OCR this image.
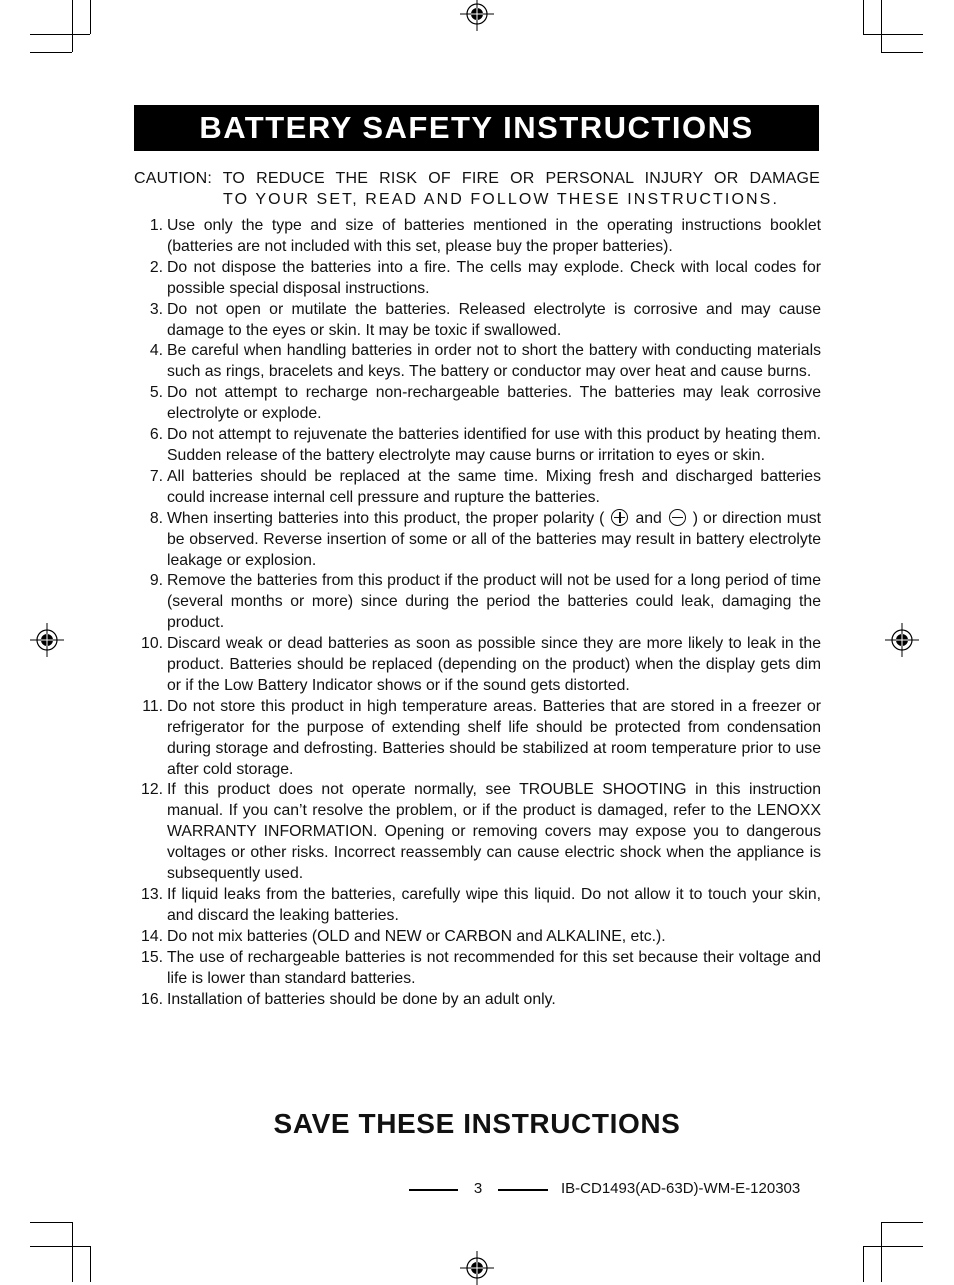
BATTERY SAFETY INSTRUCTIONS
CAUTION: TO REDUCE THE RISK OF FIRE OR PERSONAL INJURY OR DAMAGE
TO YOUR SET, READ AND FOLLOW THESE INSTRUCTIONS.
1. Use only the type and size of batteries mentioned in the operating instructions booklet (batteries are not included with this set, please buy the proper batteries).
2. Do not dispose the batteries into a fire. The cells may explode. Check with local codes for possible special disposal instructions.
3. Do not open or mutilate the batteries. Released electrolyte is corrosive and may cause damage to the eyes or skin. It may be toxic if swallowed.
4. Be careful when handling batteries in order not to short the battery with conducting materials such as rings, bracelets and keys. The battery or conductor may over heat and cause burns.
5. Do not attempt to recharge non-rechargeable batteries. The batteries may leak corrosive electrolyte or explode.
6. Do not attempt to rejuvenate the batteries identified for use with this product by heating them. Sudden release of the battery electrolyte may cause burns or irritation to eyes or skin.
7. All batteries should be replaced at the same time. Mixing fresh and discharged batteries could increase internal cell pressure and rupture the batteries.
8. When inserting batteries into this product, the proper polarity ( and ) or direction must be observed. Reverse insertion of some or all of the batteries may result in battery electrolyte leakage or explosion.
9. Remove the batteries from this product if the product will not be used for a long period of time (several months or more) since during the period the batteries could leak, damaging the product.
10. Discard weak or dead batteries as soon as possible since they are more likely to leak in the product. Batteries should be replaced (depending on the product) when the display gets dim or if the Low Battery Indicator shows or if the sound gets distorted.
11. Do not store this product in high temperature areas. Batteries that are stored in a freezer or refrigerator for the purpose of extending shelf life should be protected from condensation during storage and defrosting. Batteries should be stabilized at room temperature prior to use after cold storage.
12. If this product does not operate normally, see TROUBLE SHOOTING in this instruction manual. If you can’t resolve the problem, or if the product is damaged, refer to the LENOXX WARRANTY INFORMATION. Opening or removing covers may expose you to dangerous voltages or other risks. Incorrect reassembly can cause electric shock when the appliance is subsequently used.
13. If liquid leaks from the batteries, carefully wipe this liquid. Do not allow it to touch your skin, and discard the leaking batteries.
14. Do not mix batteries (OLD and NEW or CARBON and ALKALINE, etc.).
15. The use of rechargeable batteries is not recommended for this set because their voltage and life is lower than standard batteries.
16. Installation of batteries should be done by an adult only.
SAVE THESE INSTRUCTIONS
3	IB-CD1493(AD-63D)-WM-E-120303
